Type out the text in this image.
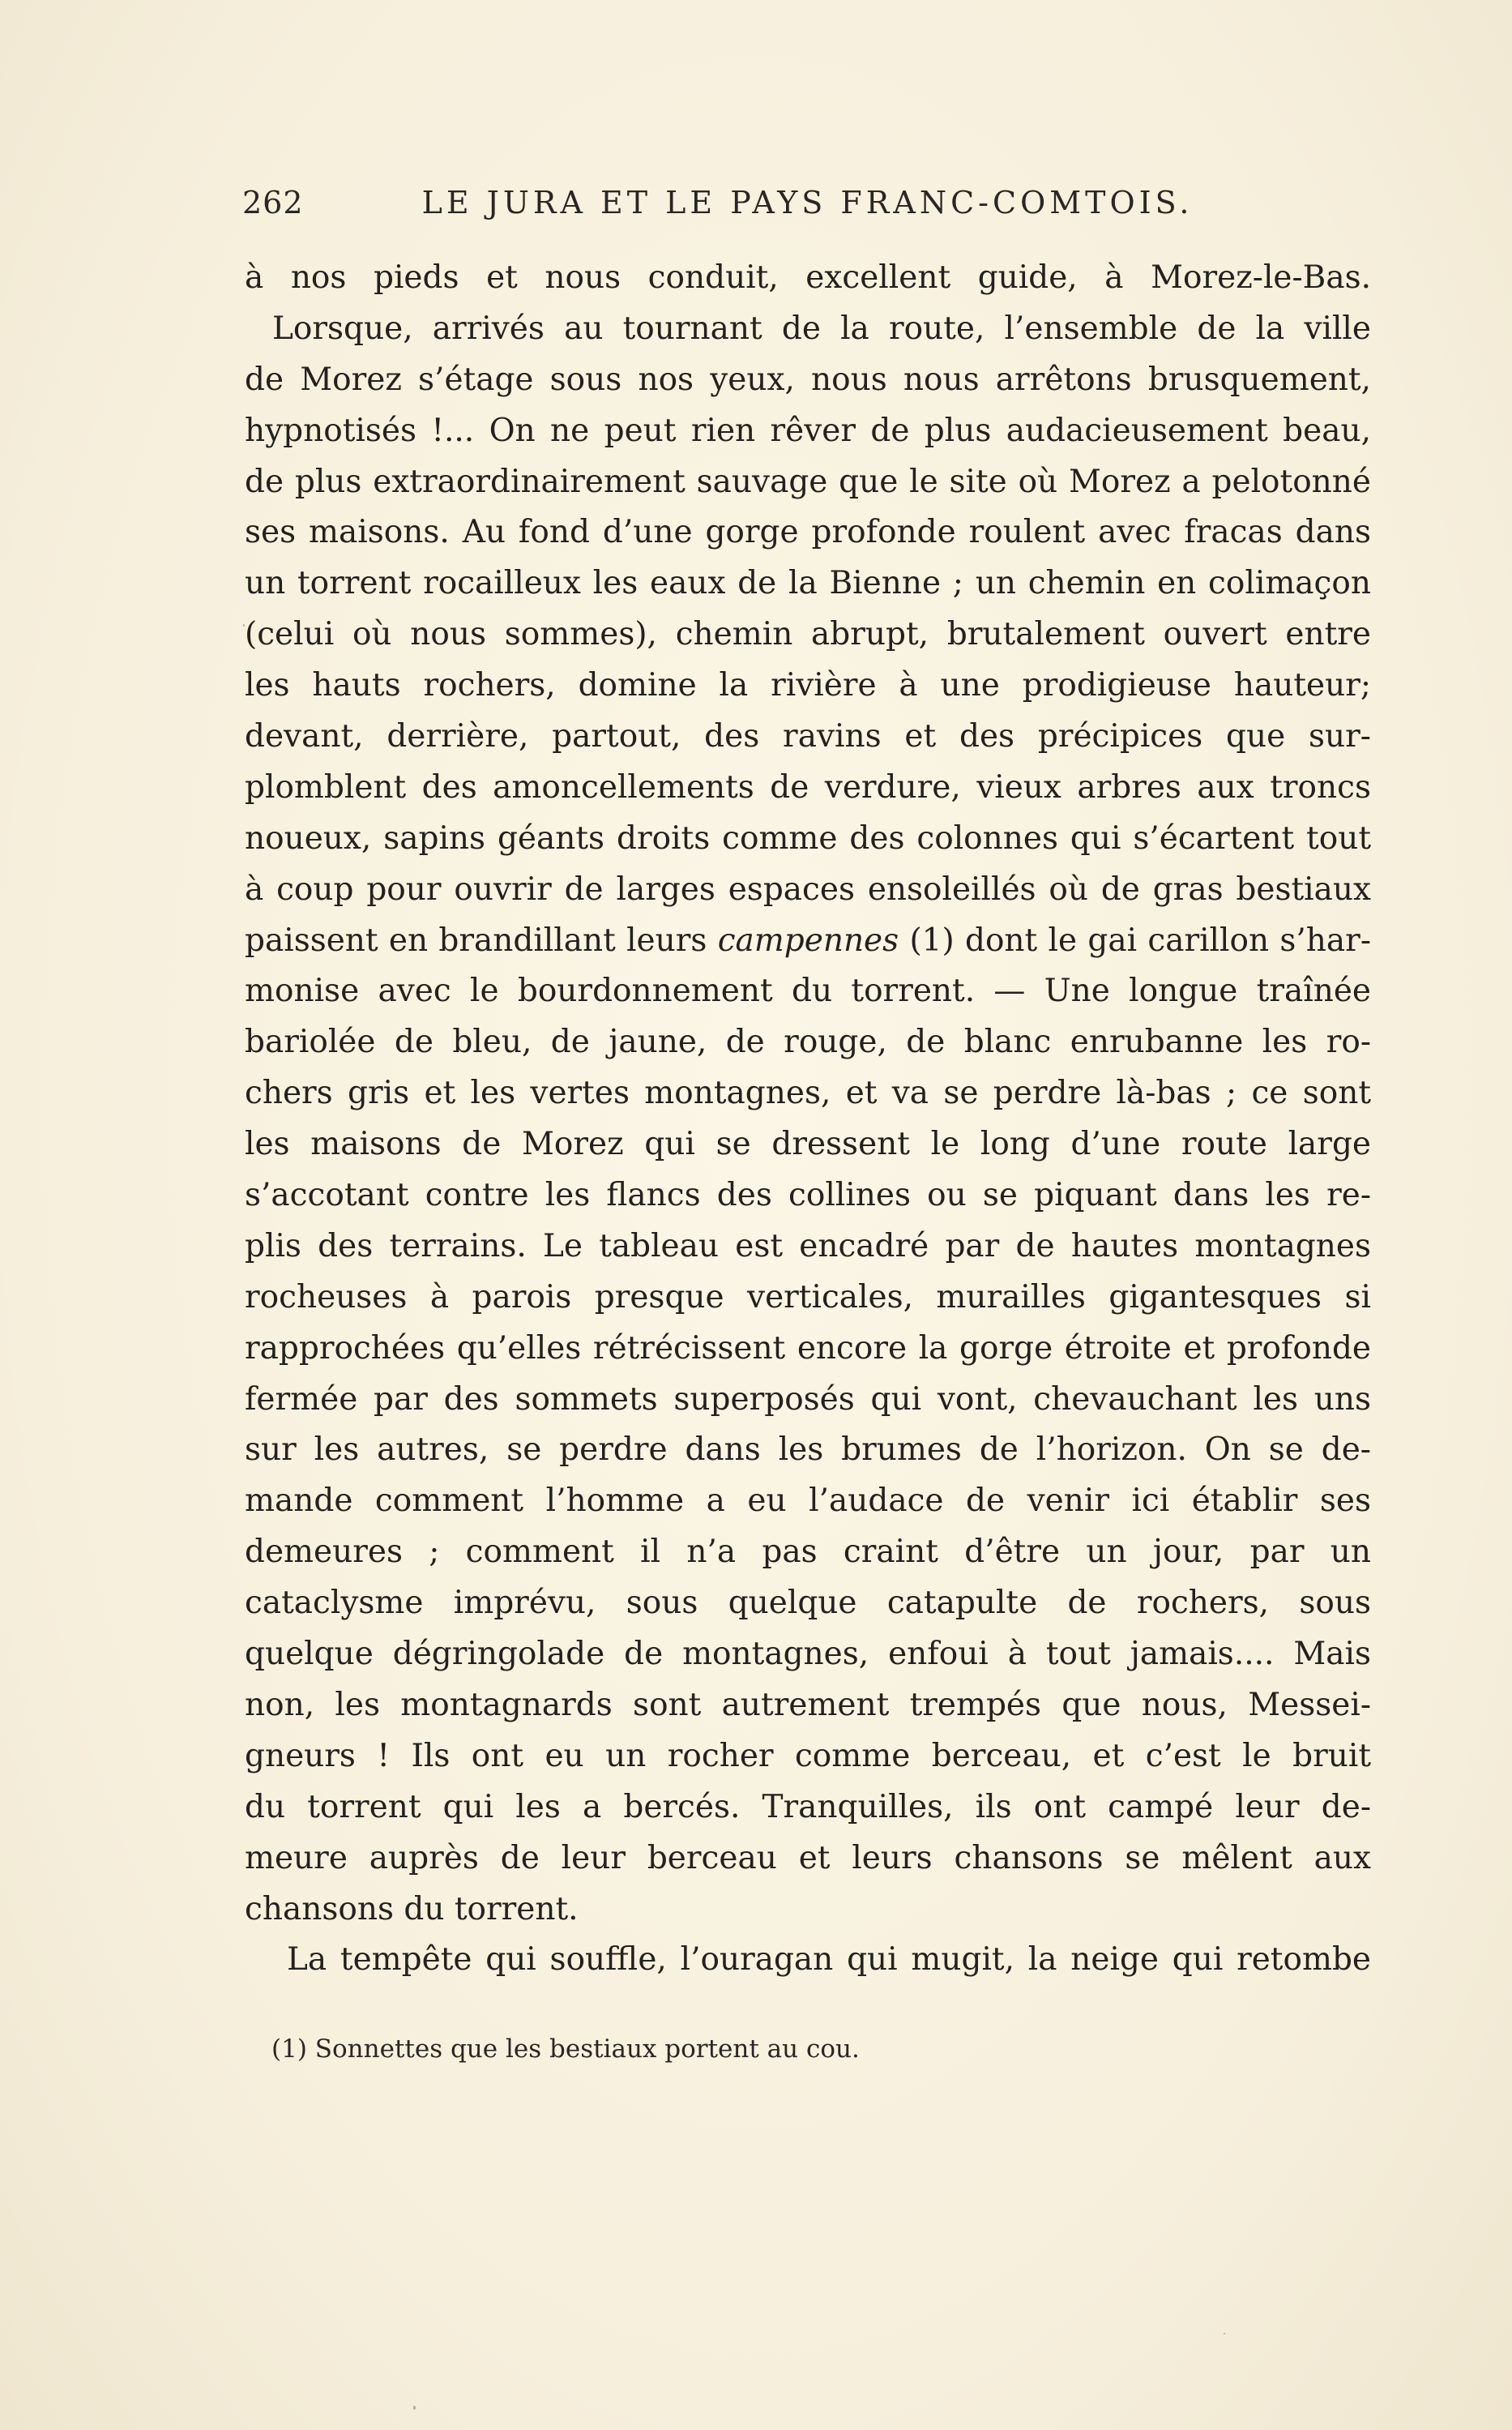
262	LE JURA ET LE PAYS FRANC-COMTOIS.
à nos pieds et nous conduit, excellent guide, à Morez-le-Bas.
Lorsque, arrivés au tournant de la route, l’ensemble de la ville
de Morez s’étage sous nos yeux, nous nous arrêtons brusquement,
hypnotisés !... On ne peut rien rêver de plus audacieusement beau,
de plus extraordinairement sauvage que le site où Morez a pelotonné
ses maisons. Au fond d’une gorge profonde roulent avec fracas dans
un torrent rocailleux les eaux de la Bienne ; un chemin en colimaçon
(celui où nous sommes), chemin abrupt, brutalement ouvert entre
les hauts rochers, domine la rivière à une prodigieuse hauteur;
devant, derrière, partout, des ravins et des précipices que sur-
plomblent des amoncellements de verdure, vieux arbres aux troncs
noueux, sapins géants droits comme des colonnes qui s’écartent tout
à coup pour ouvrir de larges espaces ensoleillés où de gras bestiaux
paissent en brandillant leurs campennes (1) dont le gai carillon s’har-
monise avec le bourdonnement du torrent. — Une longue traînée
bariolée de bleu, de jaune, de rouge, de blanc enrubanne les ro-
chers gris et les vertes montagnes, et va se perdre là-bas ; ce sont
les maisons de Morez qui se dressent le long d’une route large
s’accotant contre les flancs des collines ou se piquant dans les re-
plis des terrains. Le tableau est encadré par de hautes montagnes
rocheuses à parois presque verticales, murailles gigantesques si
rapprochées qu’elles rétrécissent encore la gorge étroite et profonde
fermée par des sommets superposés qui vont, chevauchant les uns
sur les autres, se perdre dans les brumes de l’horizon. On se de-
mande comment l’homme a eu l’audace de venir ici établir ses
demeures ; comment il n’a pas craint d’être un jour, par un
cataclysme imprévu, sous quelque catapulte de rochers, sous
quelque dégringolade de montagnes, enfoui à tout jamais.... Mais
non, les montagnards sont autrement trempés que nous, Messei-
gneurs ! Ils ont eu un rocher comme berceau, et c’est le bruit
du torrent qui les a bercés. Tranquilles, ils ont campé leur de-
meure auprès de leur berceau et leurs chansons se mêlent aux
chansons du torrent.
La tempête qui souffle, l’ouragan qui mugit, la neige qui retombe
(1) Sonnettes que les bestiaux portent au cou.
